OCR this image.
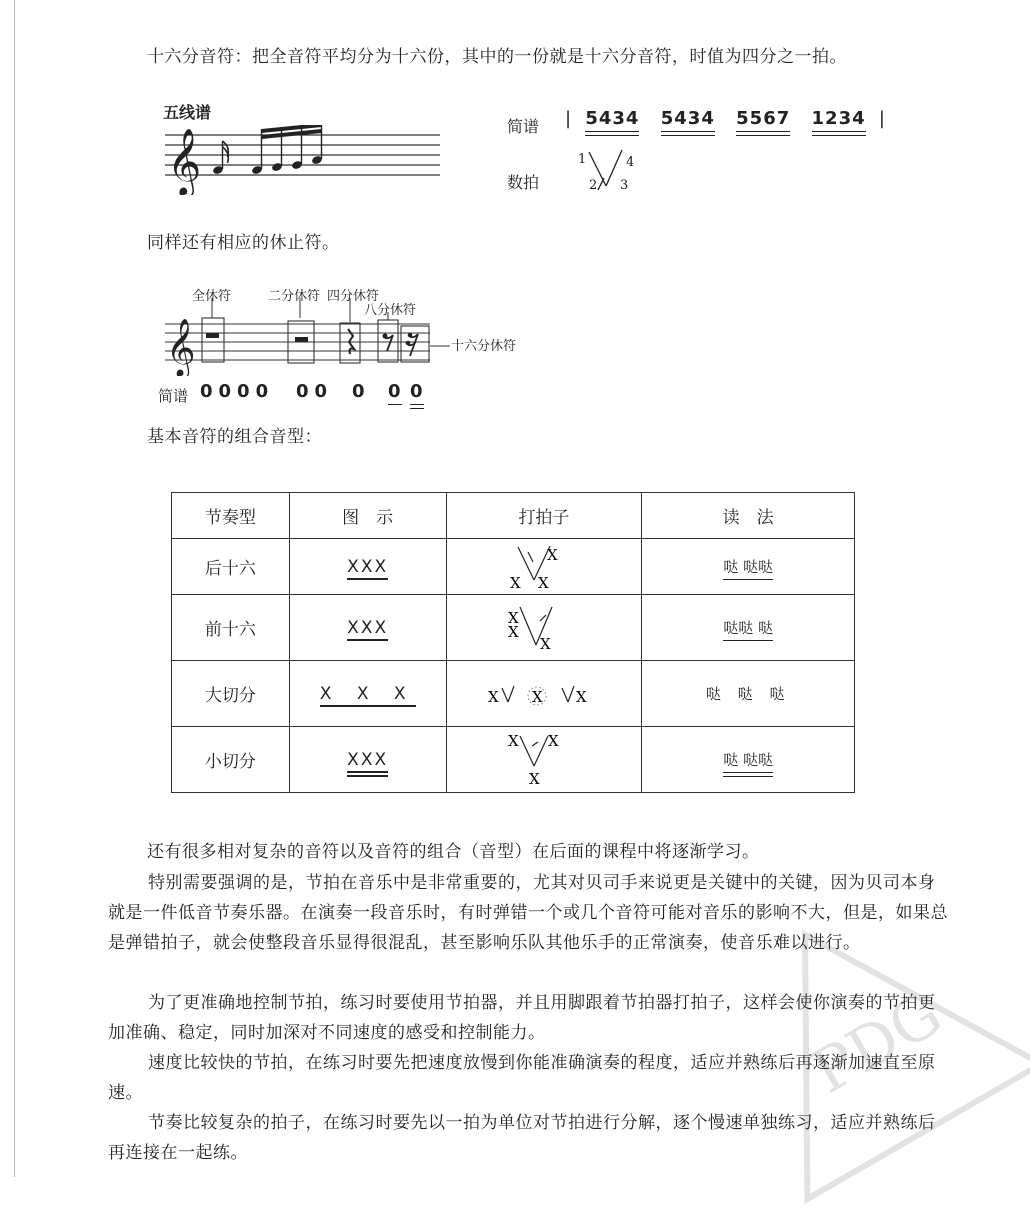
十六分音符：把全音符平均分为十六份，其中的一份就是十六分音符，时值为四分之一拍。
五线谱
𝄞
简谱 | 5434 5434 5567 1234 |
数拍
1
2 3
4
同样还有相应的休止符。
全休符	二分休符 四分休符
八分休符
十六分休符
𝄞
简谱 0000 00 0 0 0
基本音符的组合音型：
节奏型	图　示	打拍子	读　法
后十六	XXX	X
X X	哒 哒哒
前十六	XXX	X
X
X	哒哒 哒
大切分	X X X	X X X	哒 哒 哒
小切分	XXX	X X
X	哒 哒哒
还有很多相对复杂的音符以及音符的组合（音型）在后面的课程中将逐渐学习。
特别需要强调的是，节拍在音乐中是非常重要的，尤其对贝司手来说更是关键中的关键，因为贝司本身就是一件低音节奏乐器。在演奏一段音乐时，有时弹错一个或几个音符可能对音乐的影响不大，但是，如果总是弹错拍子，就会使整段音乐显得很混乱，甚至影响乐队其他乐手的正常演奏，使音乐难以进行。
为了更准确地控制节拍，练习时要使用节拍器，并且用脚跟着节拍器打拍子，这样会使你演奏的节拍更加准确、稳定，同时加深对不同速度的感受和控制能力。
速度比较快的节拍，在练习时要先把速度放慢到你能准确演奏的程度，适应并熟练后再逐渐加速直至原速。
节奏比较复杂的拍子，在练习时要先以一拍为单位对节拍进行分解，逐个慢速单独练习，适应并熟练后再连接在一起练。
PDG
